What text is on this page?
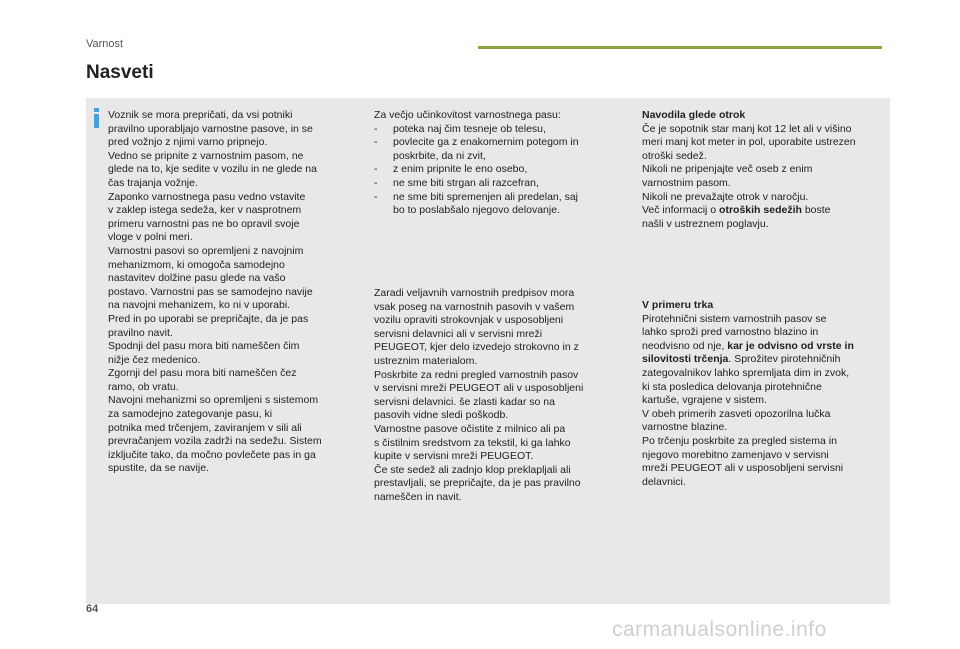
Varnost
Nasveti

Voznik se mora prepričati, da vsi potniki
pravilno uporabljajo varnostne pasove, in se
pred vožnjo z njimi varno pripnejo.
Vedno se pripnite z varnostnim pasom, ne
glede na to, kje sedite v vozilu in ne glede na
čas trajanja vožnje.
Zaponko varnostnega pasu vedno vstavite
v zaklep istega sedeža, ker v nasprotnem
primeru varnostni pas ne bo opravil svoje
vloge v polni meri.
Varnostni pasovi so opremljeni z navojnim
mehanizmom, ki omogoča samodejno
nastavitev dolžine pasu glede na vašo
postavo. Varnostni pas se samodejno navije
na navojni mehanizem, ko ni v uporabi.
Pred in po uporabi se prepričajte, da je pas
pravilno navit.
Spodnji del pasu mora biti nameščen čim
nižje čez medenico.
Zgornji del pasu mora biti nameščen čez
ramo, ob vratu.
Navojni mehanizmi so opremljeni s sistemom
za samodejno zategovanje pasu, ki
potnika med trčenjem, zaviranjem v sili ali
prevračanjem vozila zadrži na sedežu. Sistem
izključite tako, da močno povlečete pas in ga
spustite, da se navije.

Za večjo učinkovitost varnostnega pasu:

- poteka naj čim tesneje ob telesu,
- povlecite ga z enakomernim potegom in
poskrbite, da ni zvit,
- z enim pripnite le eno osebo,
- ne sme biti strgan ali razcefran,
- ne sme biti spremenjen ali predelan, saj
bo to poslabšalo njegovo delovanje.

Zaradi veljavnih varnostnih predpisov mora
vsak poseg na varnostnih pasovih v vašem
vozilu opraviti strokovnjak v usposobljeni
servisni delavnici ali v servisni mreži
PEUGEOT, kjer delo izvedejo strokovno in z
ustreznim materialom.
Poskrbite za redni pregled varnostnih pasov
v servisni mreži PEUGEOT ali v usposobljeni
servisni delavnici. še zlasti kadar so na
pasovih vidne sledi poškodb.
Varnostne pasove očistite z milnico ali pa
s čistilnim sredstvom za tekstil, ki ga lahko
kupite v servisni mreži PEUGEOT.
Če ste sedež ali zadnjo klop preklapljali ali
prestavljali, se prepričajte, da je pas pravilno
nameščen in navit.

Navodila glede otrok

Če je sopotnik star manj kot 12 let ali v višino
meri manj kot meter in pol, uporabite ustrezen
otroški sedež.
Nikoli ne pripenjajte več oseb z enim
varnostnim pasom.
Nikoli ne prevažajte otrok v naročju.
Več informacij o otroških sedežih boste
našli v ustreznem poglavju.

V primeru trka

Pirotehnični sistem varnostnih pasov se
lahko sproži pred varnostno blazino in
neodvisno od nje, kar je odvisno od vrste in
silovitosti trčenja. Sprožitev pirotehničnih
zategovalnikov lahko spremljata dim in zvok,
ki sta posledica delovanja pirotehnične
kartuše, vgrajene v sistem.
V obeh primerih zasveti opozorilna lučka
varnostne blazine.
Po trčenju poskrbite za pregled sistema in
njegovo morebitno zamenjavo v servisni
mreži PEUGEOT ali v usposobljeni servisni
delavnici.

64
carmanualsonline.info
